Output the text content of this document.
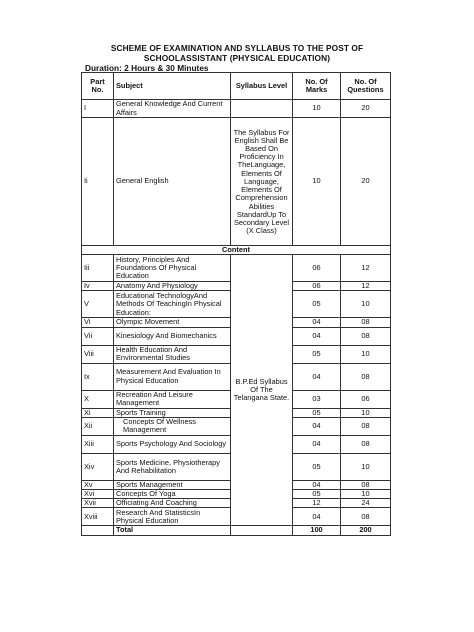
SCHEME OF EXAMINATION AND SYLLABUS TO THE POST OF
SCHOOLASSISTANT (PHYSICAL EDUCATION)
Duration: 2 Hours & 30 Minutes
Part No.	Subject	Syllabus Level	No. Of Marks	No. Of Questions
I	General Knowledge And Current Affairs		10	20
Ii	General English	The Syllabus For English Shall Be Based On Proficiency In TheLanguage, Elements Of Language, Elements Of Comprehension Abilities StandardUp To Secondary Level (X Class)	10	20
Content				
Iii	History, Principles And Foundations Of Physical Education	B.P.Ed Syllabus Of The Telangana State.	06	12
Iv	Anatomy And Physiology		06	12
V	Educational TechnologyAnd Methods Of TeachingIn Physical Education:		05	10
Vi	Olympic Movement		04	08
Vii	Kinesiology And Biomechanics		04	08
Viii	Health Education And Environmental Studies		05	10
Ix	Measurement And Evaluation In Physical Education		04	08
X	Recreation And Leisure Management		03	06
Xi	Sports Training		05	10
Xii	Concepts Of Wellness Management		04	08
Xiii	Sports Psychology And Sociology		04	08
Xiv	Sports Medicine, Physiotherapy And Rehabilitation		05	10
Xv	Sports Management		04	08
Xvi	Concepts Of Yoga		05	10
Xvii	Officiating And Coaching		12	24
Xviii	Research And StatisticsIn Physical Education		04	08
	Total		100	200
